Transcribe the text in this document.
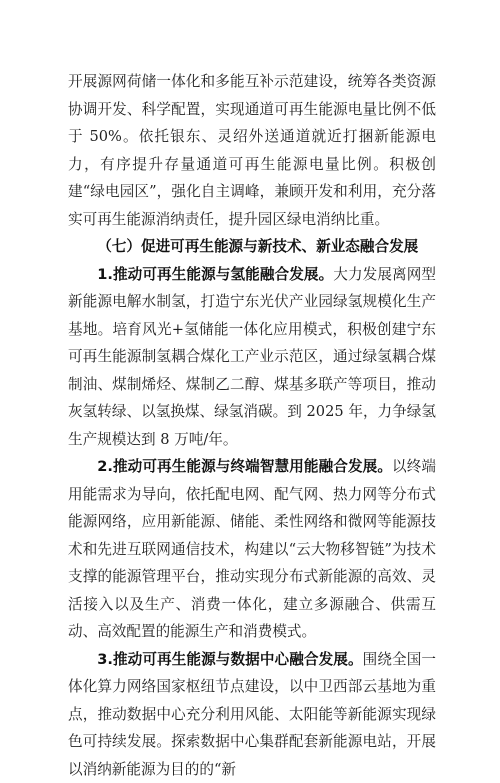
开展源网荷储一体化和多能互补示范建设，统筹各类资源协调开发、科学配置，实现通道可再生能源电量比例不低于 50%。依托银东、灵绍外送通道就近打捆新能源电力，有序提升存量通道可再生能源电量比例。积极创建“绿电园区”，强化自主调峰，兼顾开发和利用，充分落实可再生能源消纳责任，提升园区绿电消纳比重。

（七）促进可再生能源与新技术、新业态融合发展

1.推动可再生能源与氢能融合发展。大力发展离网型新能源电解水制氢，打造宁东光伏产业园绿氢规模化生产基地。培育风光+氢储能一体化应用模式，积极创建宁东可再生能源制氢耦合煤化工产业示范区，通过绿氢耦合煤制油、煤制烯烃、煤制乙二醇、煤基多联产等项目，推动灰氢转绿、以氢换煤、绿氢消碳。到 2025 年，力争绿氢生产规模达到 8 万吨/年。

2.推动可再生能源与终端智慧用能融合发展。以终端用能需求为导向，依托配电网、配气网、热力网等分布式能源网络，应用新能源、储能、柔性网络和微网等能源技术和先进互联网通信技术，构建以“云大物移智链”为技术支撑的能源管理平台，推动实现分布式新能源的高效、灵活接入以及生产、消费一体化，建立多源融合、供需互动、高效配置的能源生产和消费模式。

3.推动可再生能源与数据中心融合发展。围绕全国一体化算力网络国家枢纽节点建设，以中卫西部云基地为重点，推动数据中心充分利用风能、太阳能等新能源实现绿色可持续发展。探索数据中心集群配套新能源电站，开展以消纳新能源为目的的“新
